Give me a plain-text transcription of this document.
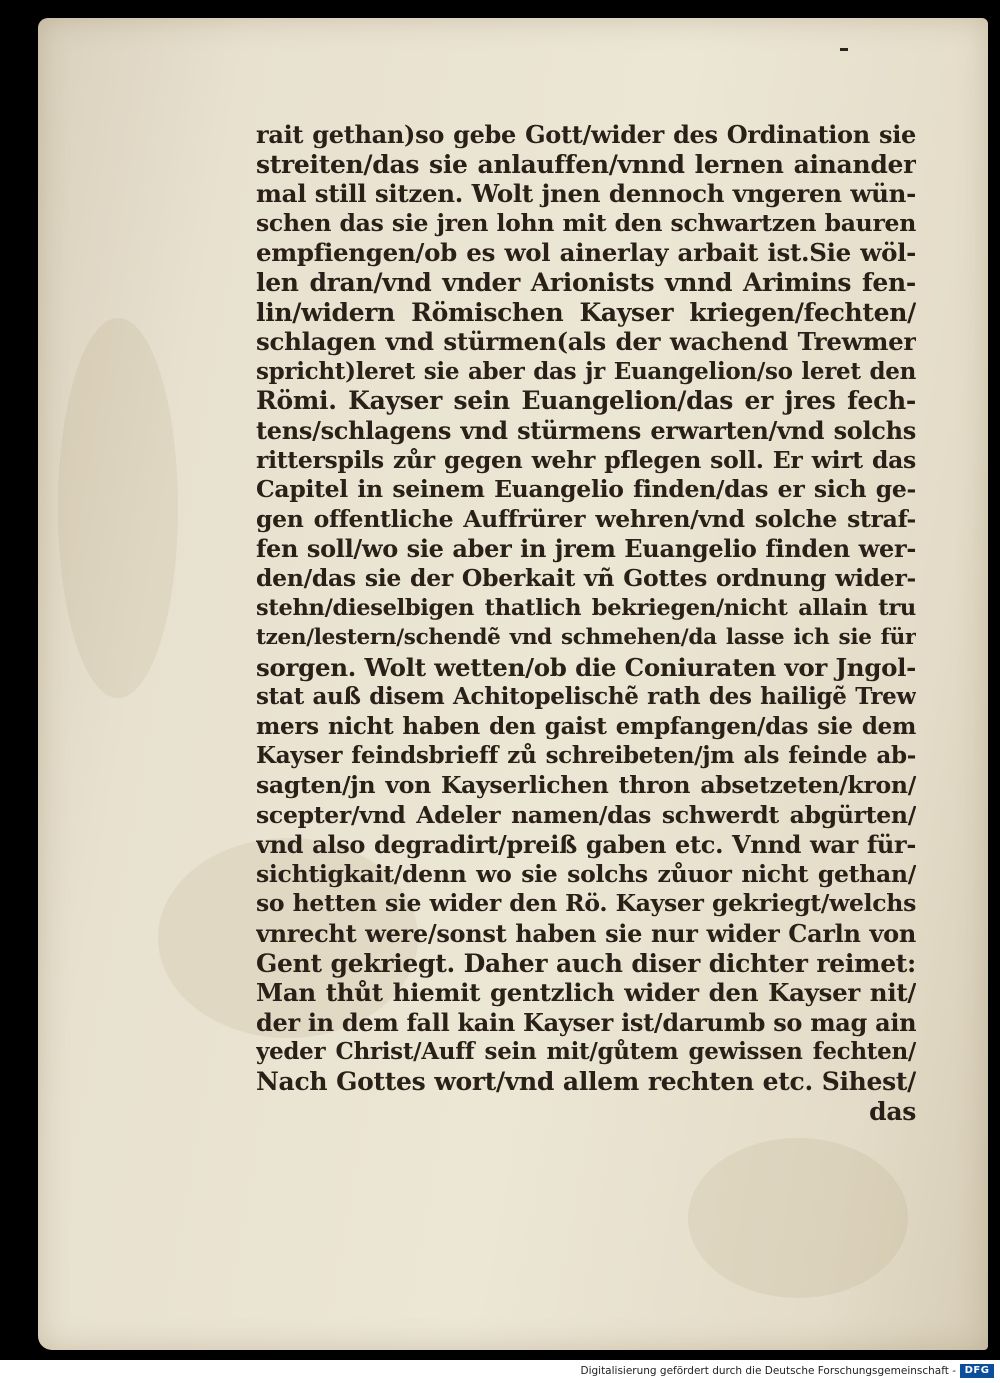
rait gethan)so gebe Gott/wider des Ordination sie
streiten/das sie anlauffen/vnnd lernen ainander
mal still sitzen. Wolt jnen dennoch vngeren wün-
schen das sie jren lohn mit den schwartzen bauren
empfiengen/ob es wol ainerlay arbait ist.Sie wöl-
len dran/vnd vnder Arionists vnnd Arimins fen-
lin/widern Römischen Kayser kriegen/fechten/
schlagen vnd stürmen(als der wachend Trewmer
spricht)leret sie aber das jr Euangelion/so leret den
Römi. Kayser sein Euangelion/das er jres fech-
tens/schlagens vnd stürmens erwarten/vnd solchs
ritterspils zůr gegen wehr pflegen soll. Er wirt das
Capitel in seinem Euangelio finden/das er sich ge-
gen offentliche Auffrürer wehren/vnd solche straf-
fen soll/wo sie aber in jrem Euangelio finden wer-
den/das sie der Oberkait vñ Gottes ordnung wider-
stehn/dieselbigen thatlich bekriegen/nicht allain tru
tzen/lestern/schendẽ vnd schmehen/da lasse ich sie für
sorgen. Wolt wetten/ob die Coniuraten vor Jngol-
stat auß disem Achitopelischẽ rath des hailigẽ Trew
mers nicht haben den gaist empfangen/das sie dem
Kayser feindsbrieff zů schreibeten/jm als feinde ab-
sagten/jn von Kayserlichen thron absetzeten/kron/
scepter/vnd Adeler namen/das schwerdt abgürten/
vnd also degradirt/preiß gaben etc. Vnnd war für-
sichtigkait/denn wo sie solchs zůuor nicht gethan/
so hetten sie wider den Rö. Kayser gekriegt/welchs
vnrecht were/sonst haben sie nur wider Carln von
Gent gekriegt. Daher auch diser dichter reimet:
Man thůt hiemit gentzlich wider den Kayser nit/
der in dem fall kain Kayser ist/darumb so mag ain
yeder Christ/Auff sein mit/gůtem gewissen fechten/
Nach Gottes wort/vnd allem rechten etc. Sihest/
das
Digitalisierung gefördert durch die Deutsche Forschungsgemeinschaft - DFG
